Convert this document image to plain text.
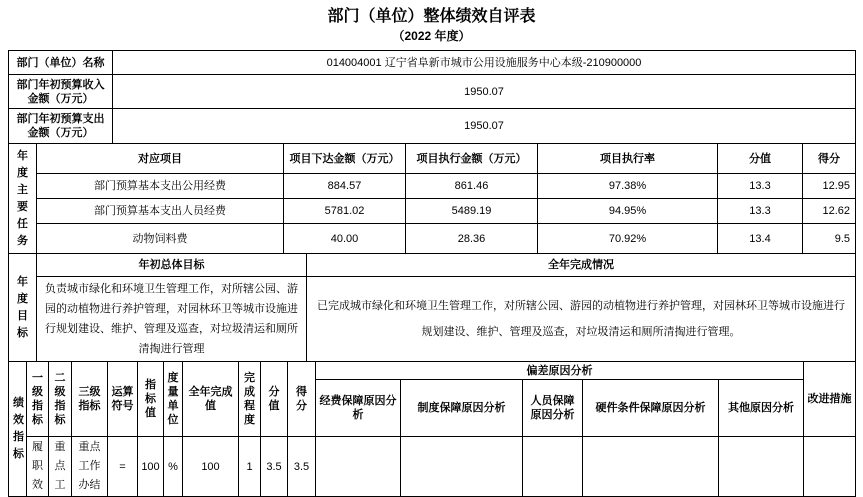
部门（单位）整体绩效自评表
（2022 年度）
部门（单位）名称	014004001 辽宁省阜新市城市公用设施服务中心本级-210900000
部门年初预算收入金额（万元）	1950.07
部门年初预算支出金额（万元）	1950.07
年度主要任务	对应项目	项目下达金额（万元）	项目执行金额（万元）	项目执行率	分值	得分
	部门预算基本支出公用经费	884.57	861.46	97.38%	13.3	12.95
	部门预算基本支出人员经费	5781.02	5489.19	94.95%	13.3	12.62
	动物饲料费	40.00	28.36	70.92%	13.4	9.5
年度目标	年初总体目标	全年完成情况
	负责城市绿化和环境卫生管理工作，对所辖公园、游园的动植物进行养护管理，对园林环卫等城市设施进行规划建设、维护、管理及巡查，对垃圾清运和厕所清掏进行管理	已完成城市绿化和环境卫生管理工作，对所辖公园、游园的动植物进行养护管理，对园林环卫等城市设施进行规划建设、维护、管理及巡查，对垃圾清运和厕所清掏进行管理。
绩效指标	一级指标	二级指标	三级指标	运算符号	指标值	度量单位	全年完成值	完成程度	分值	得分	偏差原因分析					改进措施
											经费保障原因分析	制度保障原因分析	人员保障原因分析	硬件条件保障原因分析	其他原因分析	

	履职效	重点工	重点工作办结	=	100	%	100	1	3.5	3.5						
